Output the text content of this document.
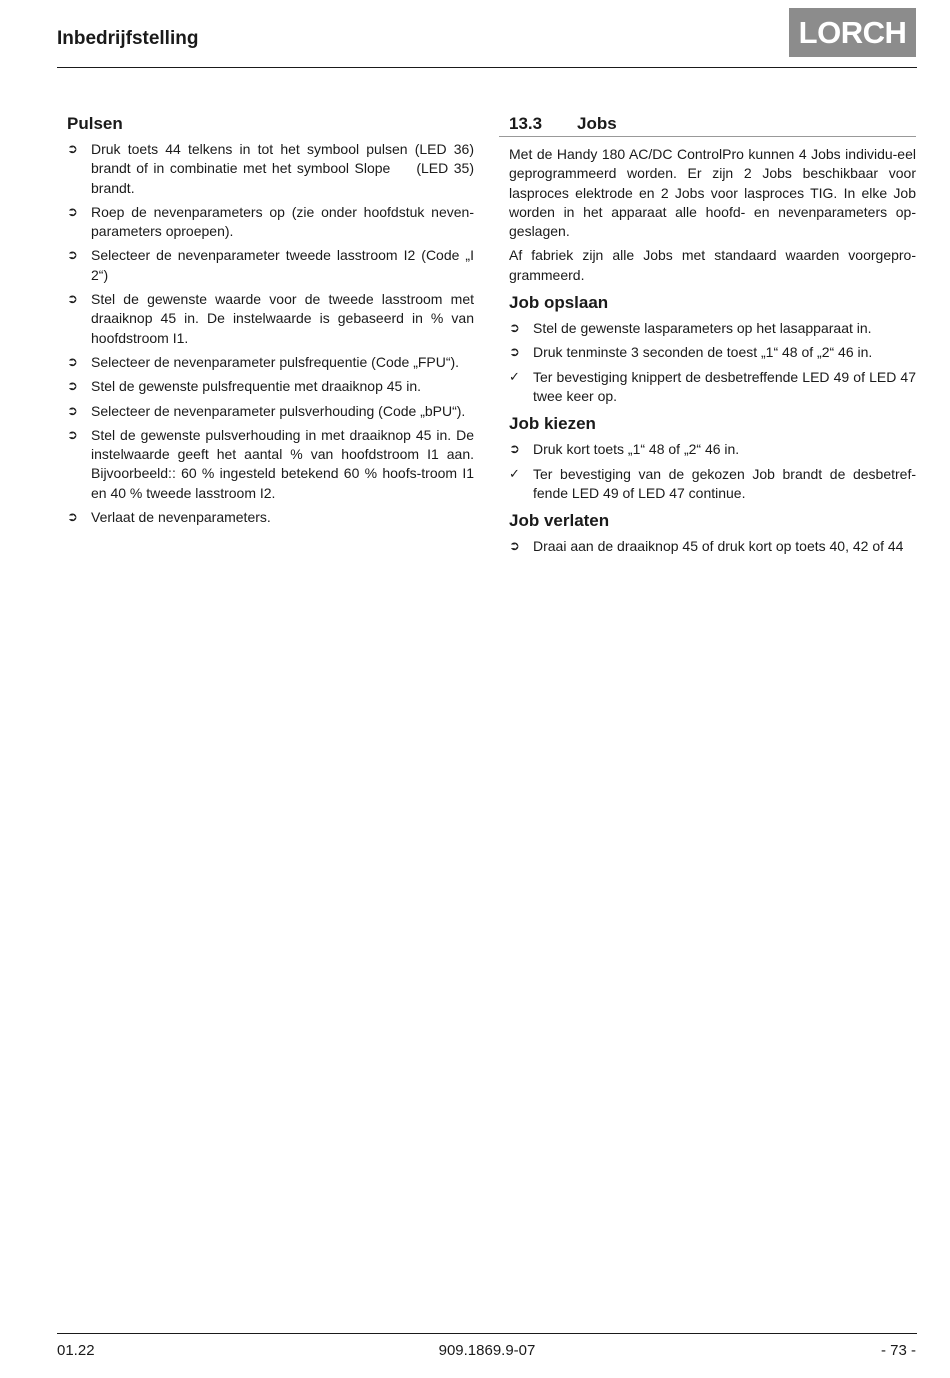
Inbedrijfstelling	LORCH
Pulsen
➲ Druk toets 44 telkens in tot het symbool pulsen (LED 36) brandt of in combinatie met het symbool Slope (LED 35) brandt.
➲ Roep de nevenparameters op (zie onder hoofdstuk neven-parameters oproepen).
➲ Selecteer de nevenparameter tweede lasstroom I2 (Code „I 2“)
➲ Stel de gewenste waarde voor de tweede lasstroom met draaiknop 45 in. De instelwaarde is gebaseerd in % van hoofdstroom I1.
➲ Selecteer de nevenparameter pulsfrequentie (Code „FPU“).
➲ Stel de gewenste pulsfrequentie met draaiknop 45 in.
➲ Selecteer de nevenparameter pulsverhouding (Code „bPU“).
➲ Stel de gewenste pulsverhouding in met draaiknop 45 in. De instelwaarde geeft het aantal % van hoofdstroom I1 aan. Bijvoorbeeld:: 60 % ingesteld betekend 60 % hoofs-troom I1 en 40 % tweede lasstroom I2.
➲ Verlaat de nevenparameters.
13.3	Jobs

Met de Handy 180 AC/DC ControlPro kunnen 4 Jobs individu-eel geprogrammeerd worden. Er zijn 2 Jobs beschikbaar voor lasproces elektrode en 2 Jobs voor lasproces TIG. In elke Job worden in het apparaat alle hoofd- en nevenparameters op-geslagen.

Af fabriek zijn alle Jobs met standaard waarden voorgepro-grammeerd.

Job opslaan
➲ Stel de gewenste lasparameters op het lasapparaat in.
➲ Druk tenminste 3 seconden de toest „1“ 48 of „2“ 46 in.
✓ Ter bevestiging knippert de desbetreffende LED 49 of LED 47 twee keer op.
Job kiezen
➲ Druk kort toets „1“ 48 of „2“ 46 in.
✓ Ter bevestiging van de gekozen Job brandt de desbetref-fende LED 49 of LED 47 continue.
Job verlaten
➲ Draai aan de draaiknop 45 of druk kort op toets 40, 42 of 44
01.22	909.1869.9-07	- 73 -
